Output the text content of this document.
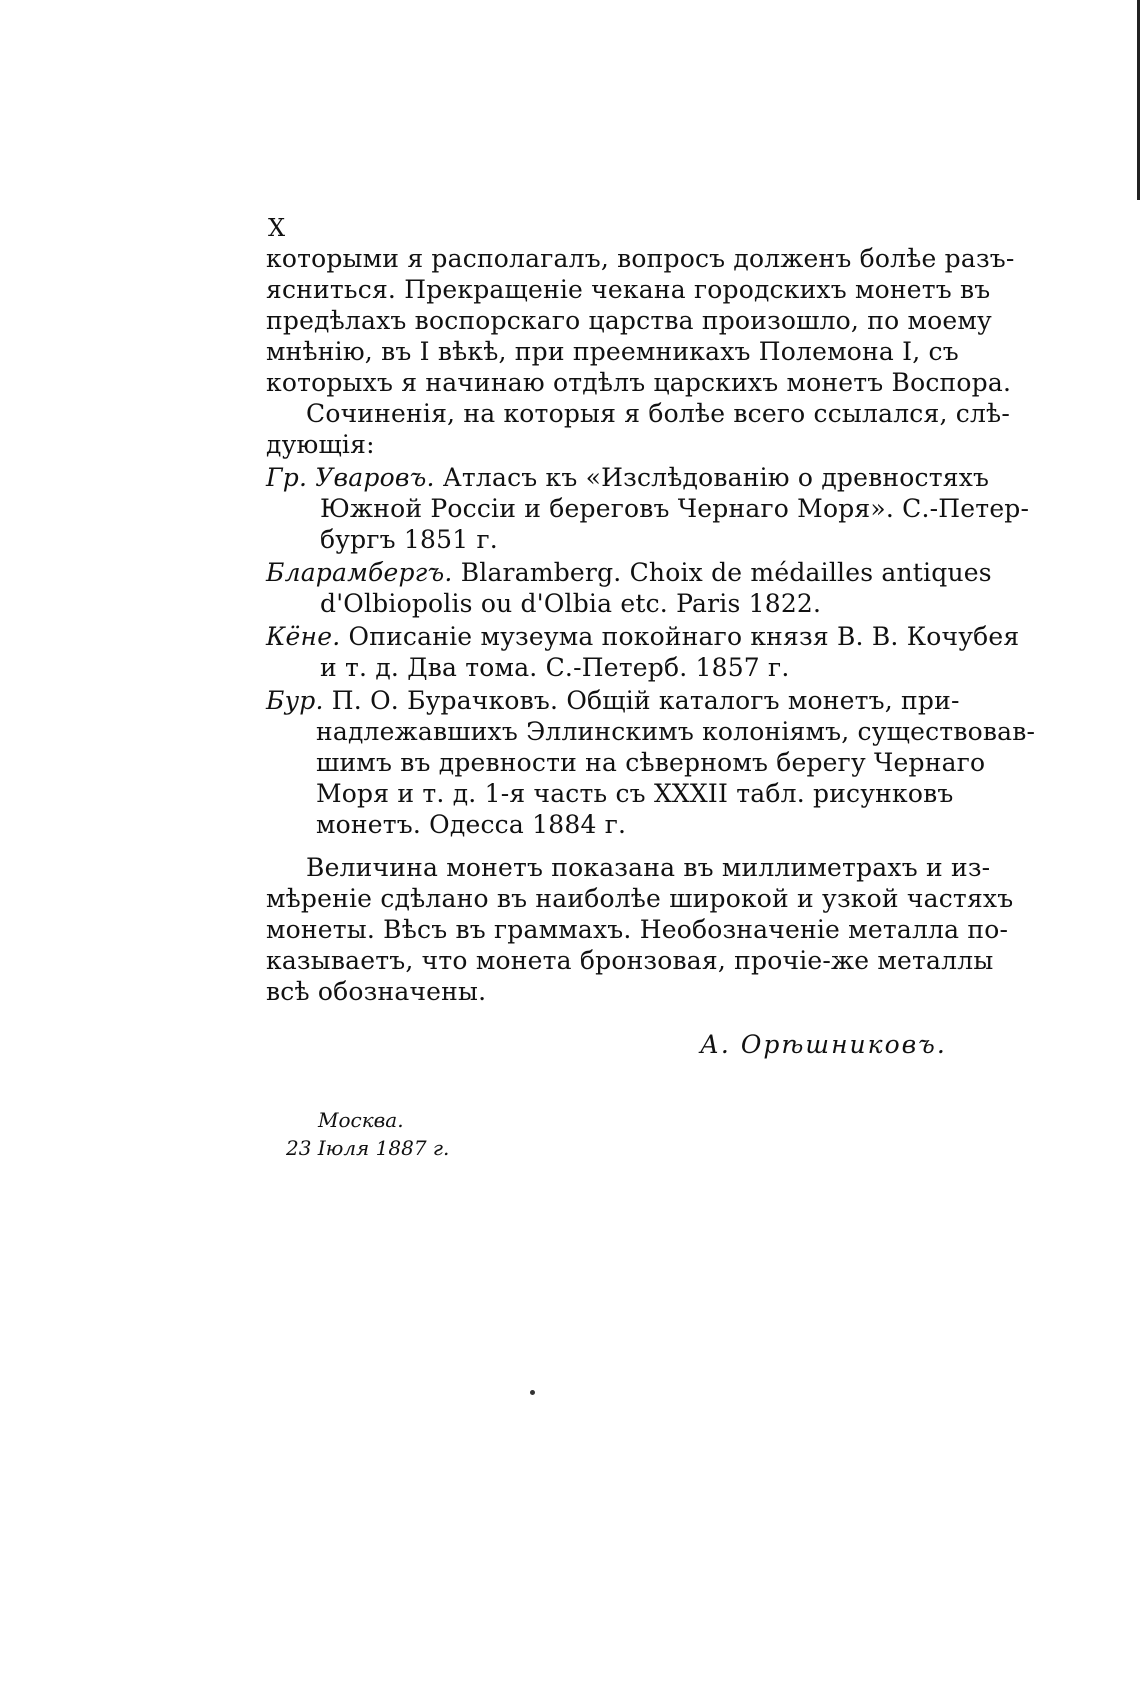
X
которыми я располагалъ, вопросъ долженъ болѣе разъ-
ясниться. Прекращеніе чекана городскихъ монетъ въ
предѣлахъ воспорскаго царства произошло, по моему
мнѣнію, въ I вѣкѣ, при преемникахъ Полемона I, съ
которыхъ я начинаю отдѣлъ царскихъ монетъ Воспора.
Сочиненія, на которыя я болѣе всего ссылался, слѣ-
дующія:
Гр. Уваровъ. Атласъ къ «Изслѣдованію о древностяхъ
Южной Россіи и береговъ Чернаго Моря». С.-Петер-
бургъ 1851 г.
Бларамбергъ. Blaramberg. Choix de médailles antiques
d'Olbiopolis ou d'Olbia etc. Paris 1822.
Кёне. Описаніе музеума покойнаго князя В. В. Кочубея
и т. д. Два тома. С.-Петерб. 1857 г.
Бур. П. О. Бурачковъ. Общій каталогъ монетъ, при-
надлежавшихъ Эллинскимъ колоніямъ, существовав-
шимъ въ древности на сѣверномъ берегу Чернаго
Моря и т. д. 1-я часть съ XXXII табл. рисунковъ
монетъ. Одесса 1884 г.
Величина монетъ показана въ миллиметрахъ и из-
мѣреніе сдѣлано въ наиболѣе широкой и узкой частяхъ
монеты. Вѣсъ въ граммахъ. Необозначеніе металла по-
казываетъ, что монета бронзовая, прочіе-же металлы
всѣ обозначены.
А. Орѣшниковъ.
Москва.
23 Іюля 1887 г.
